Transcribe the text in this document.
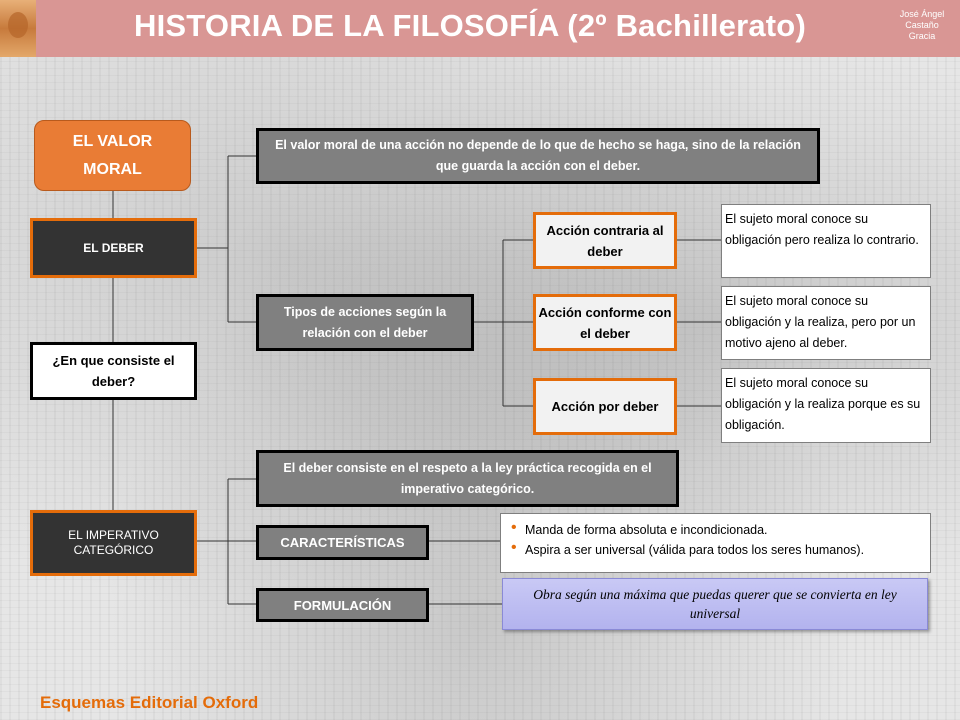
HISTORIA DE LA FILOSOFÍA (2º Bachillerato)	José Ángel
Castaño
Gracia
EL VALOR MORAL
EL DEBER
El valor moral de una acción no depende de lo que de hecho se haga, sino de la relación que guarda la acción con el deber.
Tipos de acciones según la relación con el deber
Acción contraria al deber
Acción conforme con el deber
Acción por deber
El sujeto moral conoce su obligación pero realiza lo contrario.
El sujeto moral conoce su obligación y la realiza, pero por un motivo ajeno al deber.
El sujeto moral conoce su obligación y la realiza porque es su obligación.
¿En que consiste el deber?
El deber consiste en el respeto a la ley práctica recogida en el imperativo categórico.
EL IMPERATIVO CATEGÓRICO	CARACTERÍSTICAS
FORMULACIÓN
• Manda de forma absoluta e incondicionada.
• Aspira a ser universal (válida para todos los seres humanos).
Obra según una máxima que puedas querer que se convierta en ley universal
Esquemas Editorial Oxford
